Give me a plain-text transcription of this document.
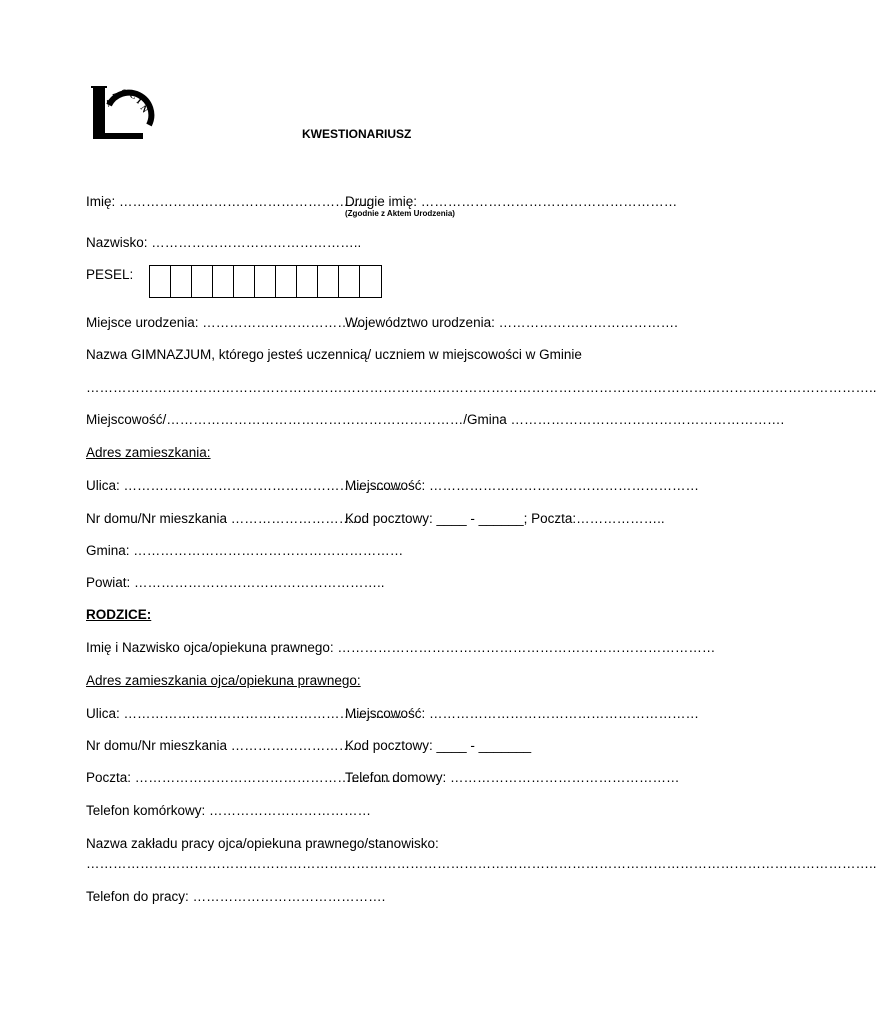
A
R O C
I
N
KWESTIONARIUSZ
Imię: ………………………………………………..
Drugie imię: …………………………………………………
(Zgodnie z Aktem Urodzenia)
Nazwisko: ………………………………………..
PESEL:
Miejsce urodzenia: ………………………………
Województwo urodzenia: ………………………………….
Nazwa GIMNAZJUM, którego jesteś uczennicą/ uczniem w miejscowości w Gminie
…………………………………………………………………………………………………………………………………………………………..
Miejscowość/…………………………………………………………/Gmina …………………………………………………….
Adres zamieszkania:
Ulica: ………………………………………………………
Miejscowość: ……………………………………………………
Nr domu/Nr mieszkania …………………………
Kod pocztowy: ____ - ______; Poczta:………………..
Gmina: ……………………………………………………
Powiat: ………………………………………………..
RODZICE:
Imię i Nazwisko ojca/opiekuna prawnego: …………………………………………………………………………
Adres zamieszkania ojca/opiekuna prawnego:
Ulica: ………………………………………………………
Miejscowość: ……………………………………………………
Nr domu/Nr mieszkania …………………………
Kod pocztowy: ____ - _______
Poczta: ……………………………………………………
Telefon domowy: ……………………………………………
Telefon komórkowy: ………………………………
Nazwa zakładu pracy ojca/opiekuna prawnego/stanowisko:
…………………………………………………………………………………………………………………………………………………………..
Telefon do pracy: …………………………………….
